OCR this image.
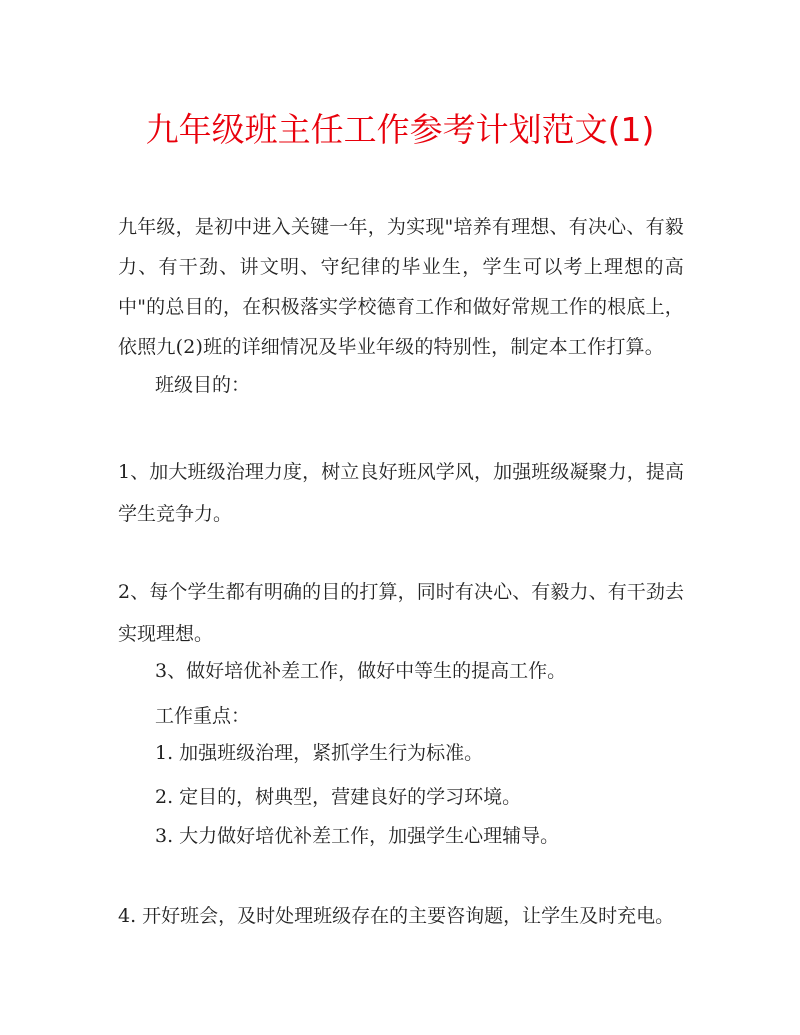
九年级班主任工作参考计划范文(1)

九年级，是初中进入关键一年，为实现"培养有理想、有决心、有毅力、有干劲、讲文明、守纪律的毕业生，学生可以考上理想的高中"的总目的，在积极落实学校德育工作和做好常规工作的根底上，依照九(2)班的详细情况及毕业年级的特别性，制定本工作打算。

班级目的：

1、加大班级治理力度，树立良好班风学风，加强班级凝聚力，提高学生竞争力。

2、每个学生都有明确的目的打算，同时有决心、有毅力、有干劲去实现理想。

3、做好培优补差工作，做好中等生的提高工作。

工作重点：

1. 加强班级治理，紧抓学生行为标准。

2. 定目的，树典型，营建良好的学习环境。

3. 大力做好培优补差工作，加强学生心理辅导。

4. 开好班会，及时处理班级存在的主要咨询题，让学生及时充电。
